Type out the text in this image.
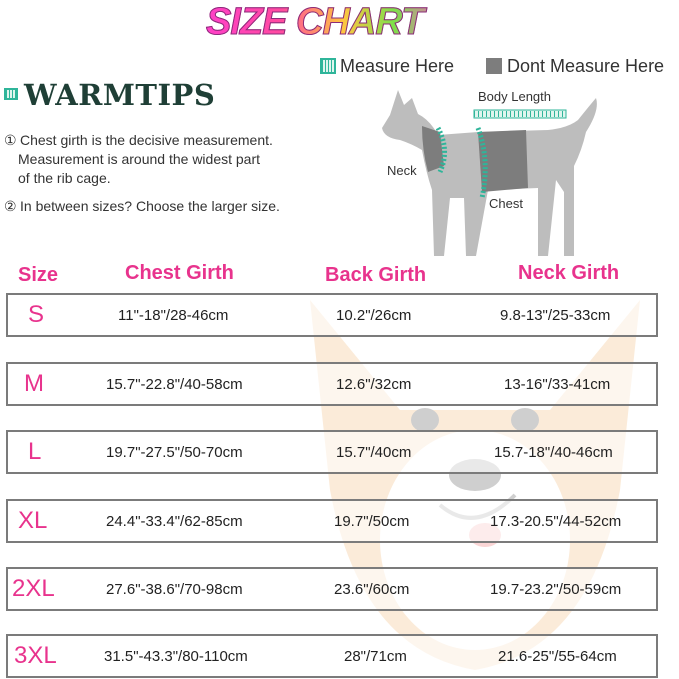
SIZE CHART
WARMTIPS
① Chest girth is the decisive measurement.
Measurement is around the widest part
of the rib cage.
② In between sizes? Choose the larger size.
Measure Here	Dont Measure Here
Body Length
Neck
Chest
Size	Chest Girth	Back Girth	Neck Girth
S	11"-18"/28-46cm	10.2"/26cm	9.8-13"/25-33cm
M	15.7"-22.8"/40-58cm	12.6"/32cm	13-16"/33-41cm
L	19.7"-27.5"/50-70cm	15.7"/40cm	15.7-18"/40-46cm
XL	24.4"-33.4"/62-85cm	19.7"/50cm	17.3-20.5"/44-52cm
2XL	27.6"-38.6"/70-98cm	23.6"/60cm	19.7-23.2"/50-59cm
3XL	31.5"-43.3"/80-110cm	28"/71cm	21.6-25"/55-64cm
